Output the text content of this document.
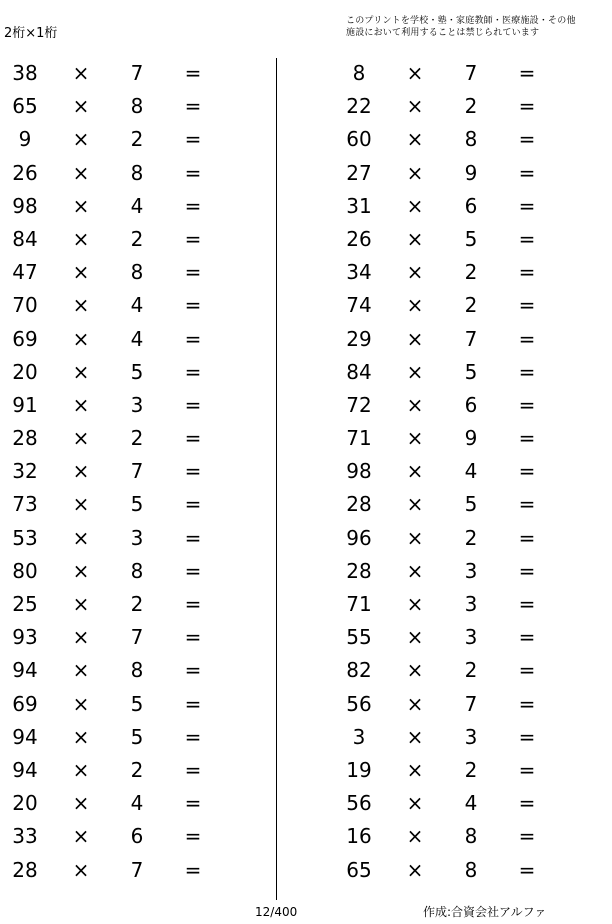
2桁×1桁
このプリントを学校・塾・家庭教師・医療施設・その他
施設において利用することは禁じられています
38	× 7 =
65	× 8 =
9	× 2 =
26	× 8 =
98	× 4 =
84	× 2 =
47	× 8 =
70	× 4 =
69	× 4 =
20	× 5 =
91	× 3 =
28	× 2 =
32	× 7 =
73	× 5 =
53	× 3 =
80	× 8 =
25	× 2 =
93	× 7 =
94	× 8 =
69	× 5 =
94	× 5 =
94	× 2 =
20	× 4 =
33	× 6 =
28	× 7 =
8	× 7 =
22	× 2 =
60	× 8 =
27	× 9 =
31	× 6 =
26	× 5 =
34	× 2 =
74	× 2 =
29	× 7 =
84	× 5 =
72	× 6 =
71	× 9 =
98	× 4 =
28	× 5 =
96	× 2 =
28	× 3 =
71	× 3 =
55	× 3 =
82	× 2 =
56	× 7 =
3	× 3 =
19	× 2 =
56	× 4 =
16	× 8 =
65	× 8 =
12/400	作成:合資会社アルファ
